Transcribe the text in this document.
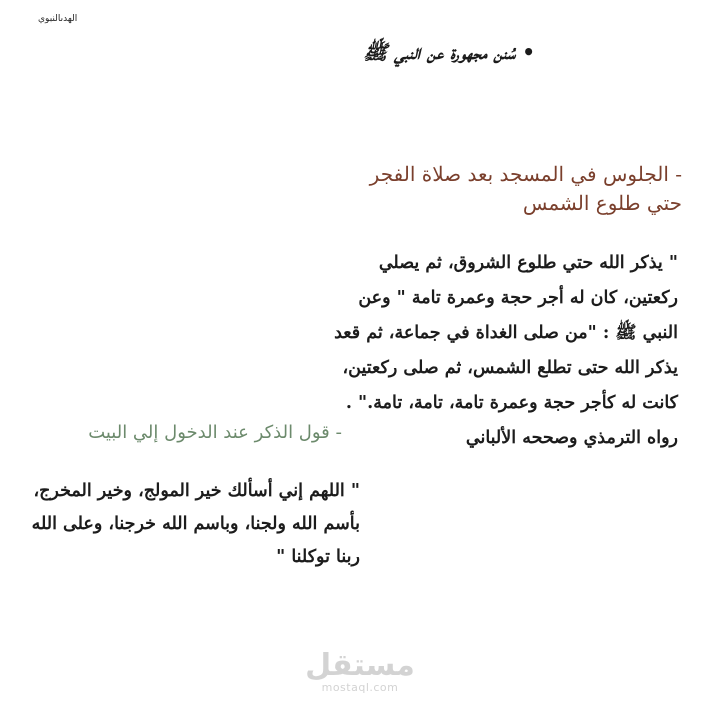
الهدىالنبوي
• سُنن مجهورة عن النبي ﷺ
- الجلوس في المسجد بعد صلاة الفجر حتي طلوع الشمس
" يذكر الله حتي طلوع الشروق، ثم يصلي ركعتين، كان له أجر حجة وعمرة تامة " وعن النبي ﷺ : "من صلى الغداة في جماعة، ثم قعد يذكر الله حتى تطلع الشمس، ثم صلى ركعتين، كانت له كأجر حجة وعمرة تامة، تامة، تامة." . رواه الترمذي وصححه الألباني
- قول الذكر عند الدخول إلي البيت
" اللهم إني أسألك خير المولج، وخير المخرج، بأسم الله ولجنا، وباسم الله خرجنا، وعلى الله ربنا توكلنا "
مستقل
mostaql.com
